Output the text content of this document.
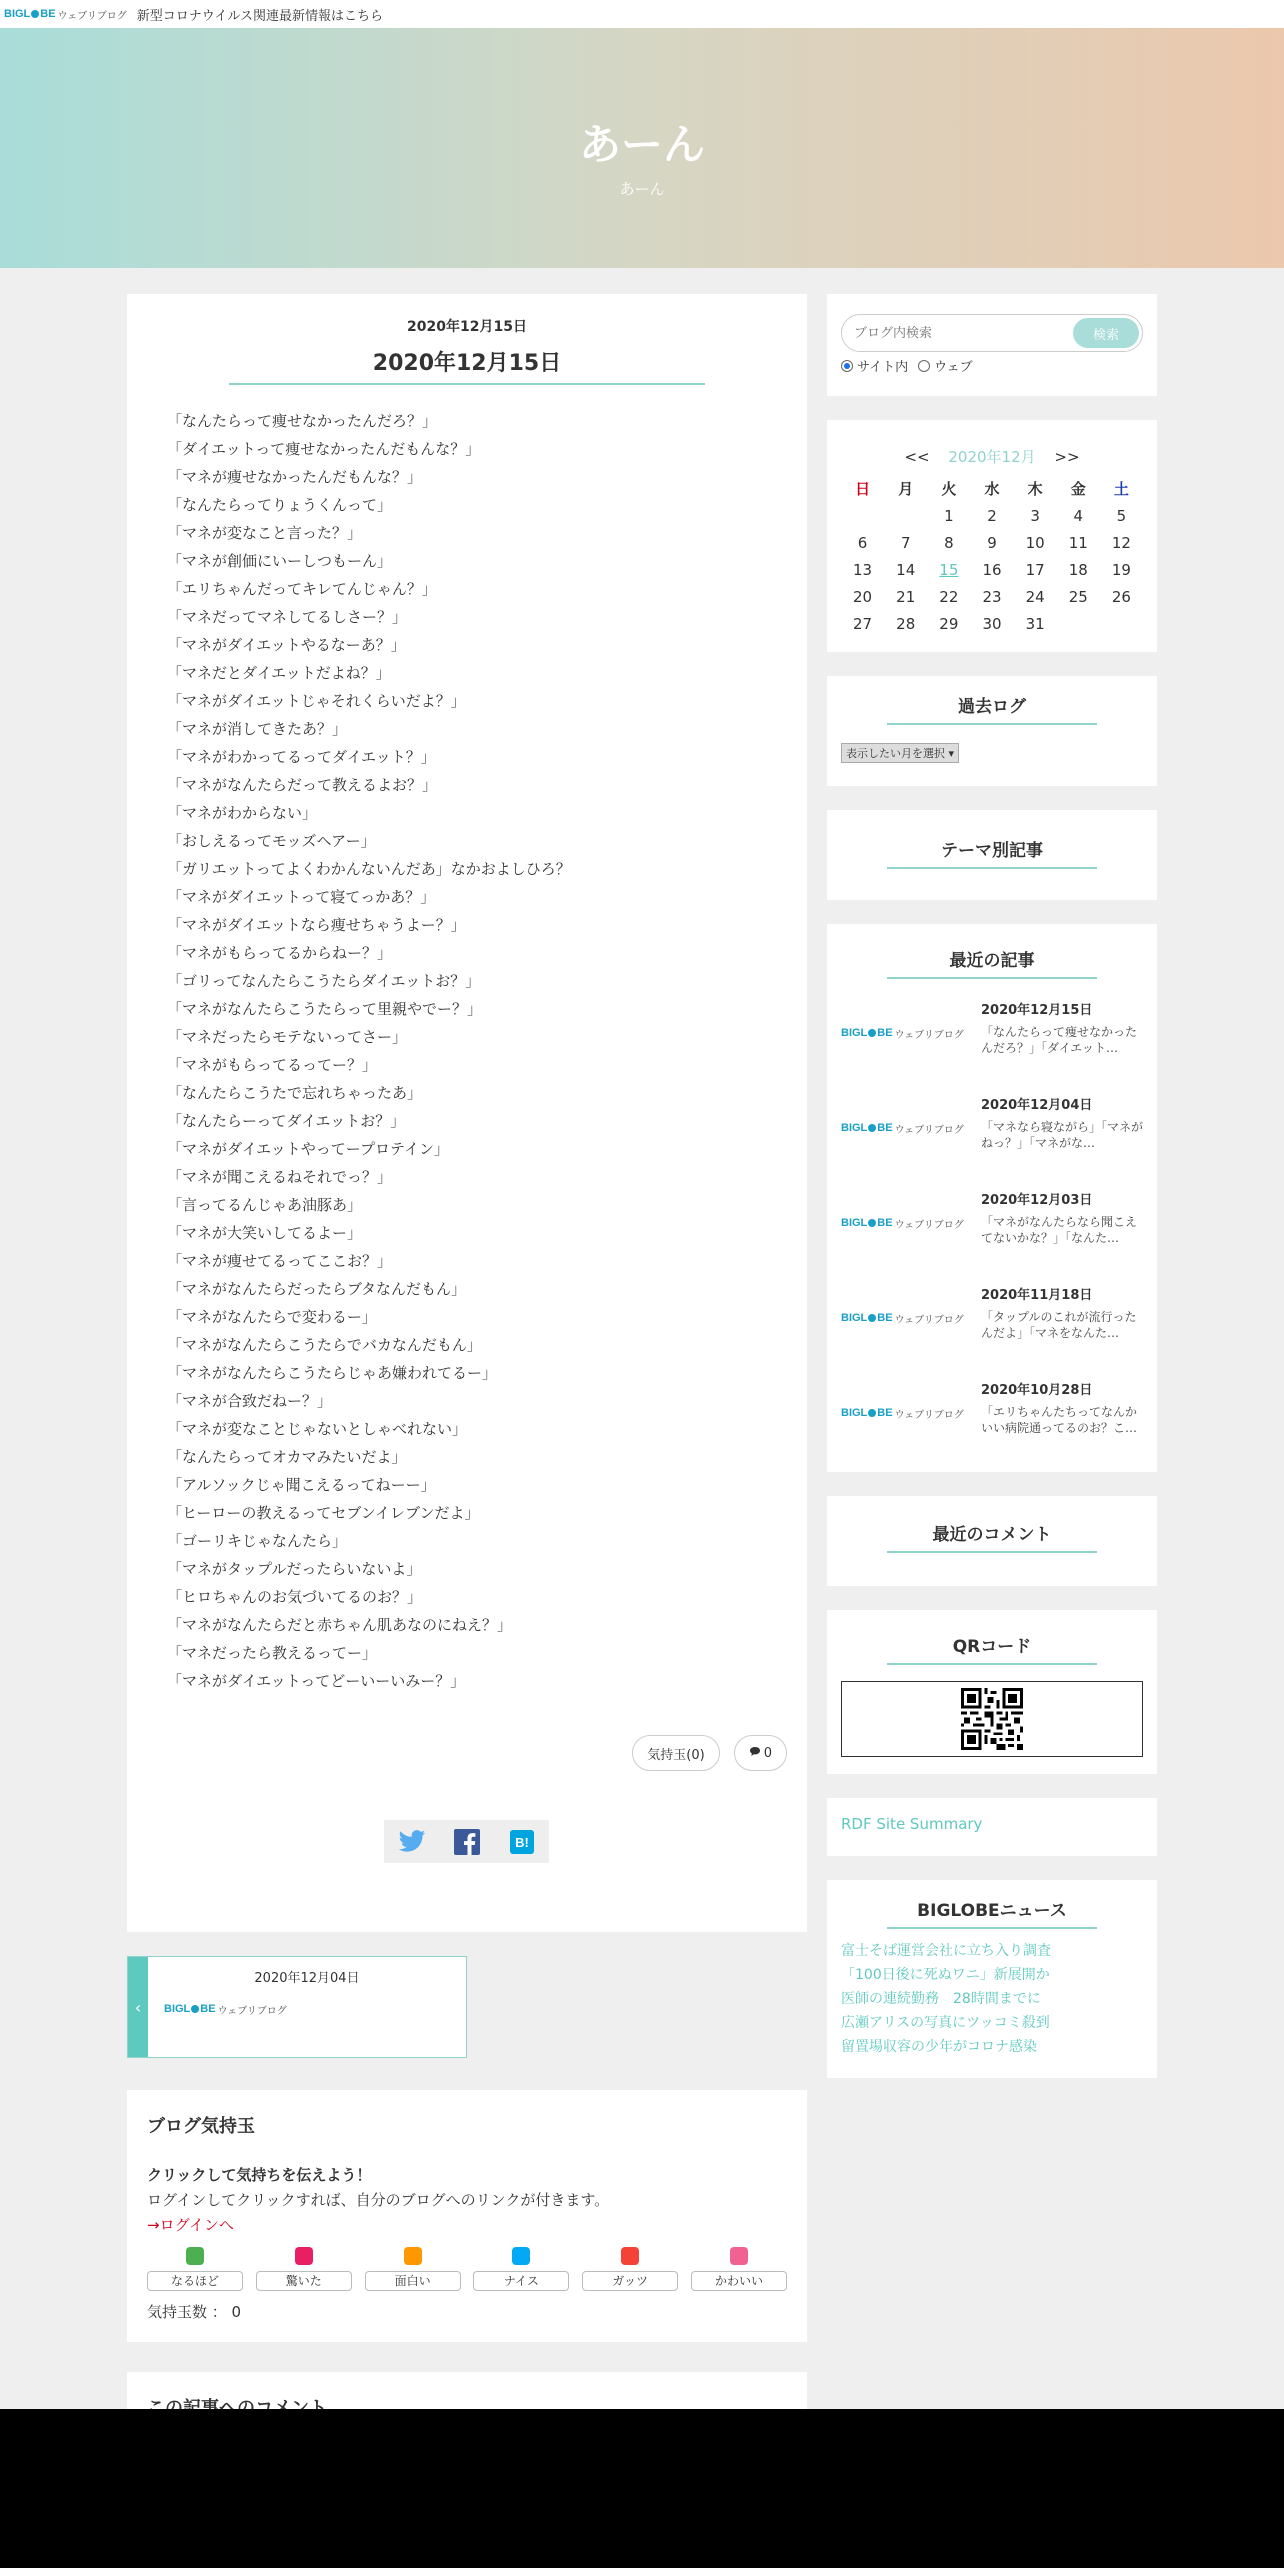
BIGL BE ウェブリブログ 新型コロナウイルス関連最新情報はこちら
あーん
あーん
2020年12月15日
2020年12月15日
「なんたらって痩せなかったんだろ？」
「ダイエットって痩せなかったんだもんな？」
「マネが痩せなかったんだもんな？」
「なんたらってりょうくんって」
「マネが変なこと言った？」
「マネが創価にいーしつもーん」
「エリちゃんだってキレてんじゃん？」
「マネだってマネしてるしさー？」
「マネがダイエットやるなーあ？」
「マネだとダイエットだよね？」
「マネがダイエットじゃそれくらいだよ？」
「マネが消してきたあ？」
「マネがわかってるってダイエット？」
「マネがなんたらだって教えるよお？」
「マネがわからない」
「おしえるってモッズヘアー」
「ガリエットってよくわかんないんだあ」なかおよしひろ？
「マネがダイエットって寝てっかあ？」
「マネがダイエットなら痩せちゃうよー？」
「マネがもらってるからねー？」
「ゴリってなんたらこうたらダイエットお？」
「マネがなんたらこうたらって里親やでー？」
「マネだったらモテないってさー」
「マネがもらってるってー？」
「なんたらこうたで忘れちゃったあ」
「なんたらーってダイエットお？」
「マネがダイエットやってープロテイン」
「マネが聞こえるねそれでっ？」
「言ってるんじゃあ油豚あ」
「マネが大笑いしてるよー」
「マネが痩せてるってここお？」
「マネがなんたらだったらブタなんだもん」
「マネがなんたらで変わるー」
「マネがなんたらこうたらでバカなんだもん」
「マネがなんたらこうたらじゃあ嫌われてるー」
「マネが合致だねー？」
「マネが変なことじゃないとしゃべれない」
「なんたらってオカマみたいだよ」
「アルソックじゃ聞こえるってねーー」
「ヒーローの教えるってセブンイレブンだよ」
「ゴーリキじゃなんたら」
「マネがタップルだったらいないよ」
「ヒロちゃんのお気づいてるのお？」
「マネがなんたらだと赤ちゃん肌あなのにねえ？」
「マネだったら教えるってー」
「マネがダイエットってどーいーいみー？」
気持玉(0)	0
B!
‹
2020年12月04日
BIGL BE ウェブリブログ
ブログ気持玉
クリックして気持ちを伝えよう！
ログインしてクリックすれば、自分のブログへのリンクが付きます。
→ログインへ
なるほど	驚いた	面白い	ナイス	ガッツ	かわいい
気持玉数 ： 0
ブログ内検索
検索
サイト内 ウェブ
<< 2020年12月 >>
日	月	火	水	木	金	土
		1	2	3	4	5
6	7	8	9	10	11	12
13	14	15	16	17	18	19
20	21	22	23	24	25	26
27	28	29	30	31		
過去ログ
表示したい月を選択 ▾
テーマ別記事
最近の記事
BIGL BE ウェブリブログ
2020年12月15日
「なんたらって痩せなかったんだろ？」「ダイエット…
BIGL BE ウェブリブログ
2020年12月04日
「マネなら寝ながら」「マネがねっ？」「マネがな…
BIGL BE ウェブリブログ
2020年12月03日
「マネがなんたらなら聞こえてないかな？」「なんた…
BIGL BE ウェブリブログ
2020年11月18日
「タップルのこれが流行ったんだよ」「マネをなんた…
BIGL BE ウェブリブログ
2020年10月28日
「エリちゃんたちってなんかいい病院通ってるのお？こ…
最近のコメント
QRコード
RDF Site Summary
BIGLOBEニュース
富士そば運営会社に立ち入り調査
「100日後に死ぬワニ」新展開か
医師の連続勤務　28時間までに
広瀬アリスの写真にツッコミ殺到
留置場収容の少年がコロナ感染
